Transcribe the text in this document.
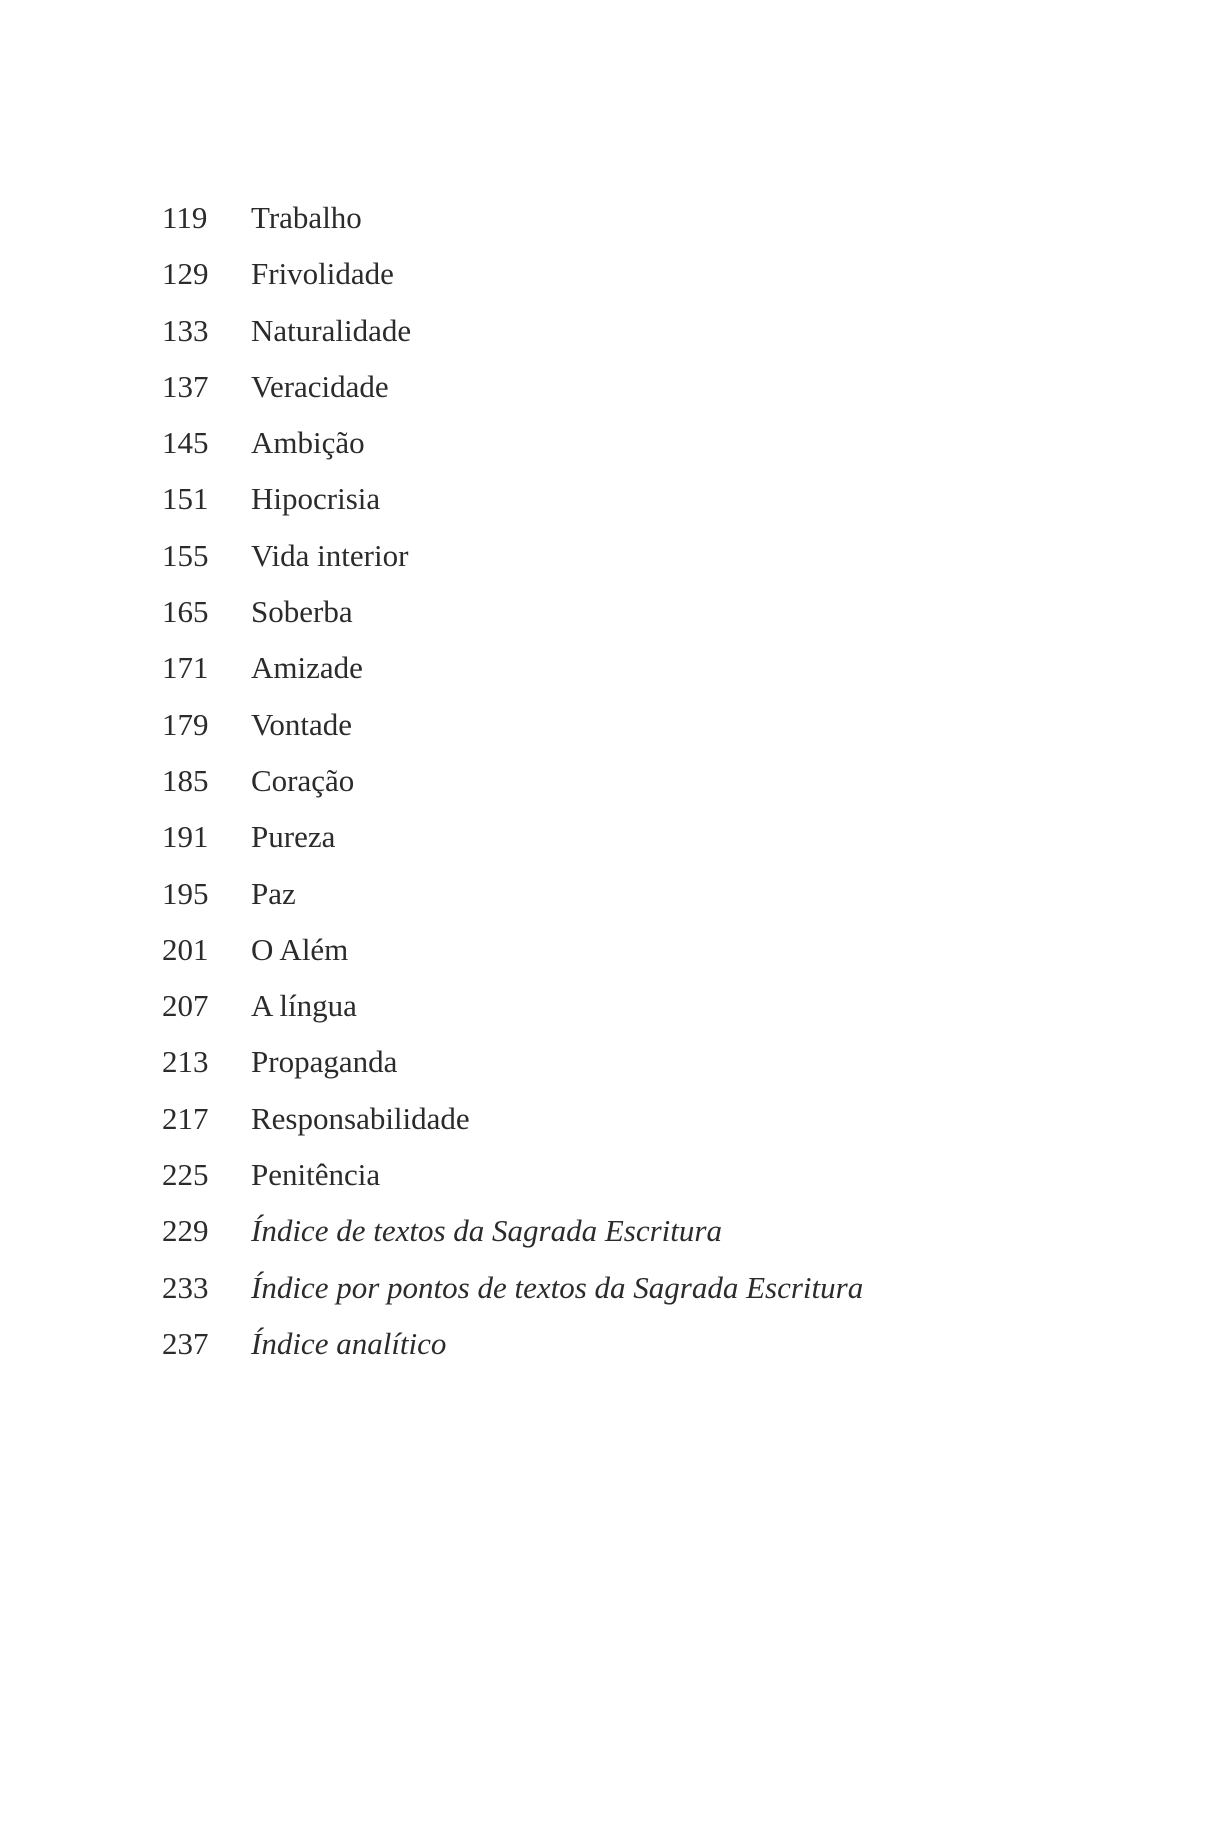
119	Trabalho
129	Frivolidade
133	Naturalidade
137	Veracidade
145	Ambição
151	Hipocrisia
155	Vida interior
165	Soberba
171	Amizade
179	Vontade
185	Coração
191	Pureza
195	Paz
201	O Além
207	A língua
213	Propaganda
217	Responsabilidade
225	Penitência
229	Índice de textos da Sagrada Escritura
233	Índice por pontos de textos da Sagrada Escritura
237	Índice analítico
